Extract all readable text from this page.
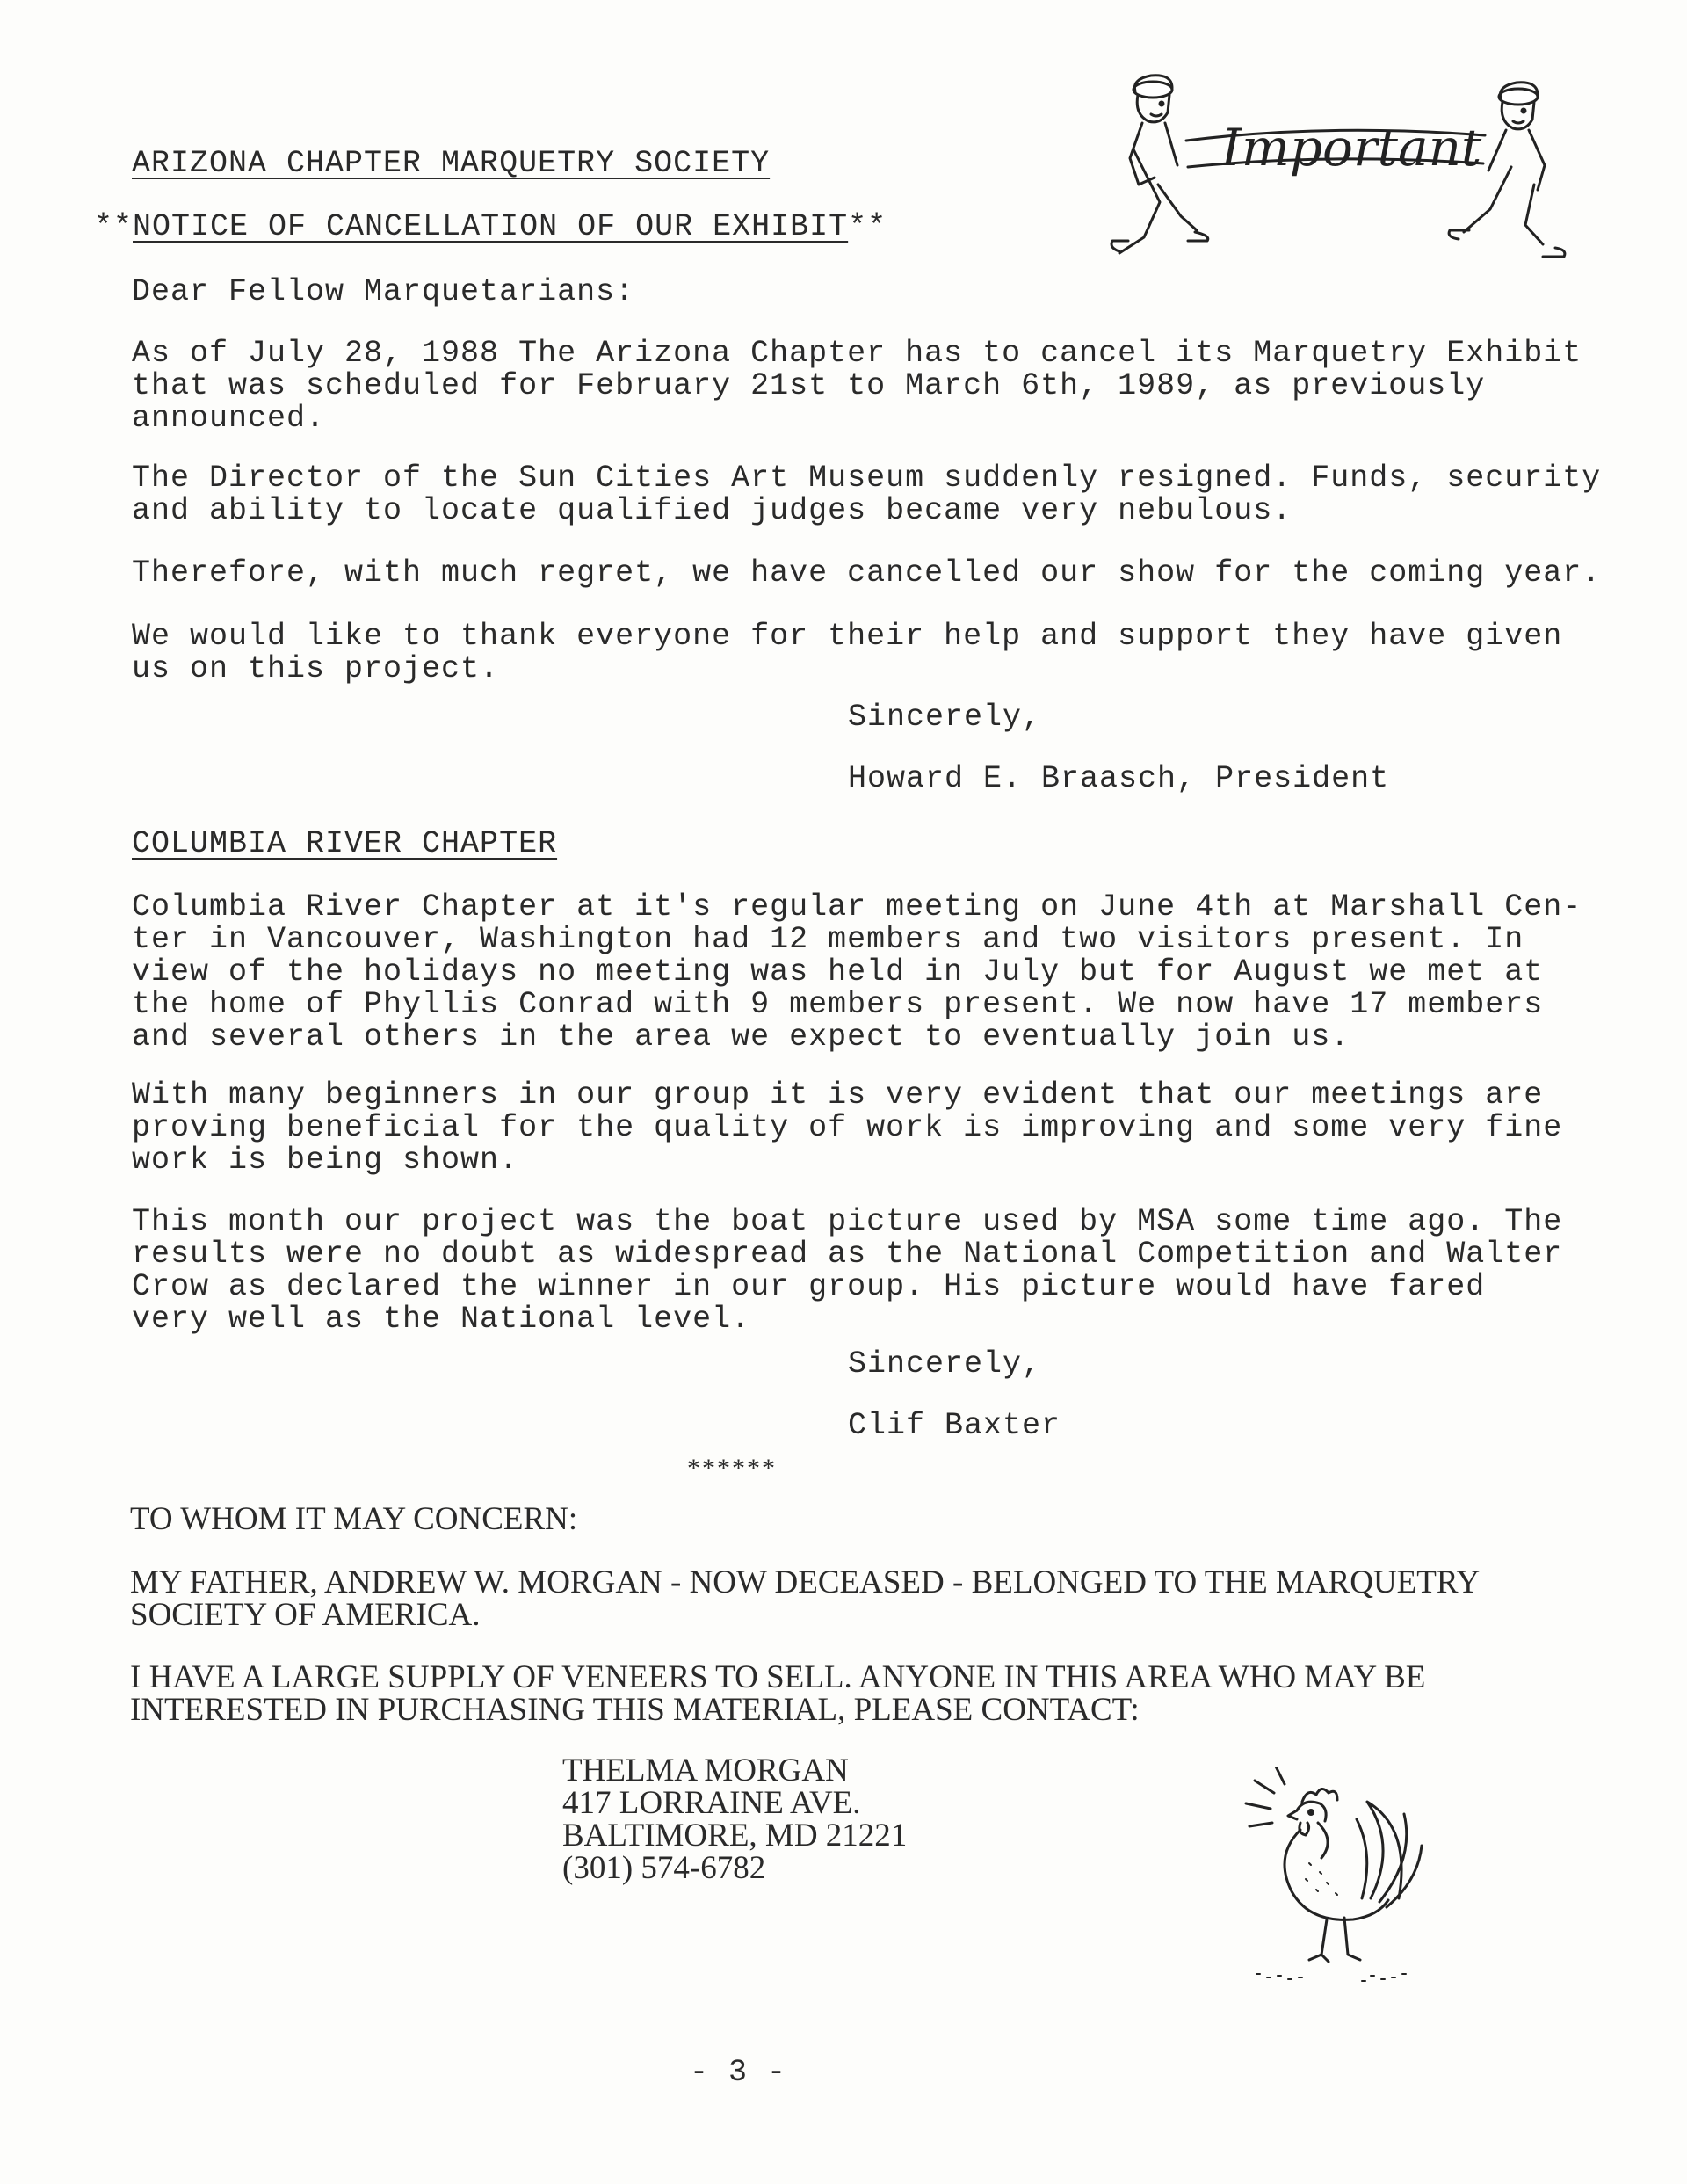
ARIZONA CHAPTER MARQUETRY SOCIETY
**NOTICE OF CANCELLATION OF OUR EXHIBIT**
Dear Fellow Marquetarians:

As of July 28, 1988 The Arizona Chapter has to cancel its Marquetry Exhibit
that was scheduled for February 21st to March 6th, 1989, as previously
announced.

The Director of the Sun Cities Art Museum suddenly resigned. Funds, security
and ability to locate qualified judges became very nebulous.

Therefore, with much regret, we have cancelled our show for the coming year.

We would like to thank everyone for their help and support they have given
us on this project.

Sincerely,
Howard E. Braasch, President
Important
COLUMBIA RIVER CHAPTER

Columbia River Chapter at it's regular meeting on June 4th at Marshall Cen-
ter in Vancouver, Washington had 12 members and two visitors present. In
view of the holidays no meeting was held in July but for August we met at
the home of Phyllis Conrad with 9 members present. We now have 17 members
and several others in the area we expect to eventually join us.

With many beginners in our group it is very evident that our meetings are
proving beneficial for the quality of work is improving and some very fine
work is being shown.

This month our project was the boat picture used by MSA some time ago. The
results were no doubt as widespread as the National Competition and Walter
Crow as declared the winner in our group. His picture would have fared
very well as the National level.

Sincerely,
Clif Baxter
******
TO WHOM IT MAY CONCERN:

MY FATHER, ANDREW W. MORGAN - NOW DECEASED - BELONGED TO THE MARQUETRY
SOCIETY OF AMERICA.

I HAVE A LARGE SUPPLY OF VENEERS TO SELL. ANYONE IN THIS AREA WHO MAY BE
INTERESTED IN PURCHASING THIS MATERIAL, PLEASE CONTACT:

THELMA MORGAN
417 LORRAINE AVE.
BALTIMORE, MD 21221
(301) 574-6782

- 3 -
